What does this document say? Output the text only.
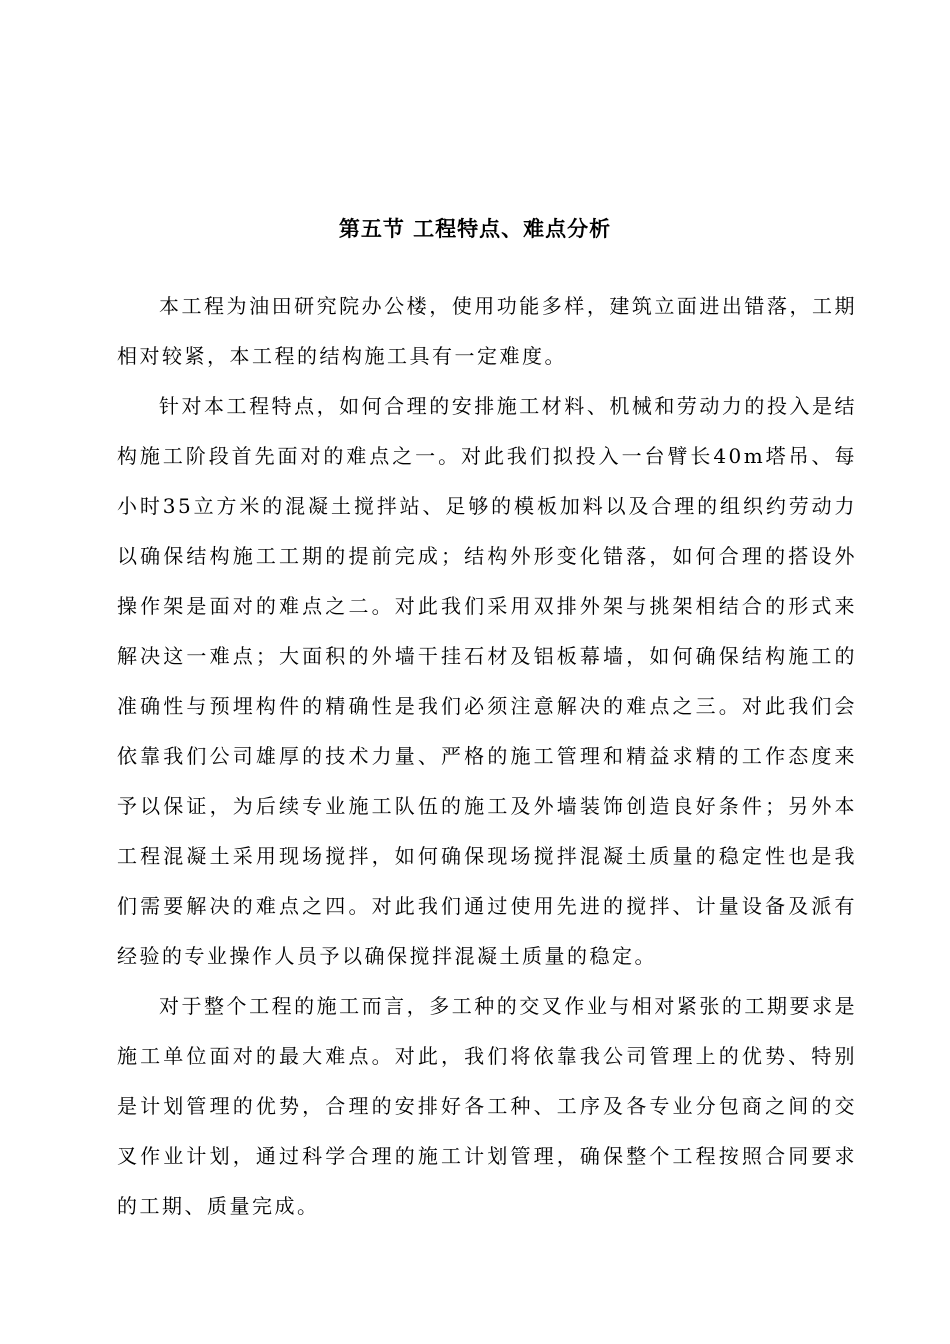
第五节 工程特点、难点分析

本工程为油田研究院办公楼，使用功能多样，建筑立面进出错落，工期相对较紧，本工程的结构施工具有一定难度。

针对本工程特点，如何合理的安排施工材料、机械和劳动力的投入是结构施工阶段首先面对的难点之一。对此我们拟投入一台臂长40m塔吊、每小时35立方米的混凝土搅拌站、足够的模板加料以及合理的组织约劳动力以确保结构施工工期的提前完成；结构外形变化错落，如何合理的搭设外操作架是面对的难点之二。对此我们采用双排外架与挑架相结合的形式来解决这一难点；大面积的外墙干挂石材及铝板幕墙，如何确保结构施工的准确性与预埋构件的精确性是我们必须注意解决的难点之三。对此我们会依靠我们公司雄厚的技术力量、严格的施工管理和精益求精的工作态度来予以保证，为后续专业施工队伍的施工及外墙装饰创造良好条件；另外本工程混凝土采用现场搅拌，如何确保现场搅拌混凝土质量的稳定性也是我们需要解决的难点之四。对此我们通过使用先进的搅拌、计量设备及派有经验的专业操作人员予以确保搅拌混凝土质量的稳定。

对于整个工程的施工而言，多工种的交叉作业与相对紧张的工期要求是施工单位面对的最大难点。对此，我们将依靠我公司管理上的优势、特别是计划管理的优势，合理的安排好各工种、工序及各专业分包商之间的交叉作业计划，通过科学合理的施工计划管理，确保整个工程按照合同要求的工期、质量完成。
